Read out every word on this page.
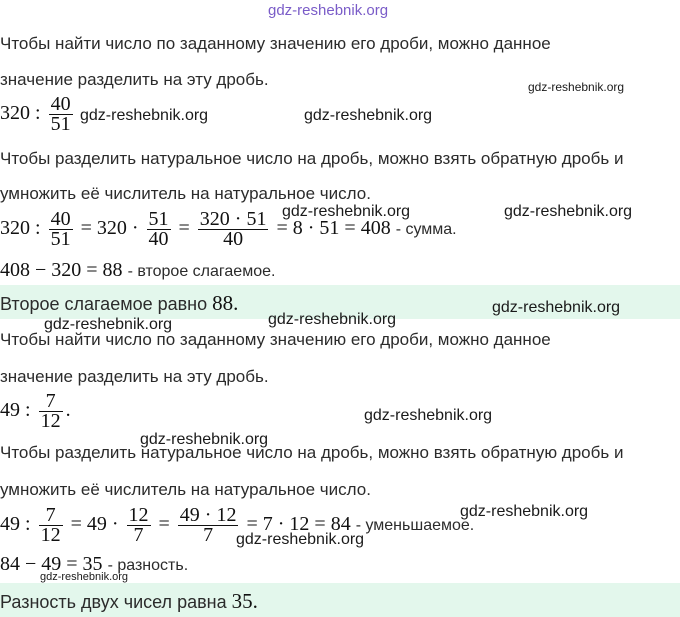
gdz-reshebnik.org
Чтобы найти число по заданному значению его дроби, можно данное
значение разделить на эту дробь.
320 : $\frac{40}{51}$
Чтобы разделить натуральное число на дробь, можно взять обратную дробь и
умножить её числитель на натуральное число.
320 : $\frac{40}{51} = 320 \cdot \frac{51}{40} = \frac{320 \cdot 51}{40} = 8 \cdot 51 = 408$ - сумма.
408 − 320 = 88 - второе слагаемое.
Второе слагаемое равно 88.
Чтобы найти число по заданному значению его дроби, можно данное
значение разделить на эту дробь.
49 : $\frac{7}{12}$ .
Чтобы разделить натуральное число на дробь, можно взять обратную дробь и
умножить её числитель на натуральное число.
49 : $\frac{7}{12} = 49 \cdot \frac{12}{7} = \frac{49 \cdot 12}{7} = 7 \cdot 12 = 84$ - уменьшаемое.
84 − 49 = 35 - разность.
Разность двух чисел равна 35.
gdz-reshebnik.org
gdz-reshebnik.org	gdz-reshebnik.org
gdz-reshebnik.org	gdz-reshebnik.org
gdz-reshebnik.org
gdz-reshebnik.org	gdz-reshebnik.org
gdz-reshebnik.org
gdz-reshebnik.org
gdz-reshebnik.org
gdz-reshebnik.org
gdz-reshebnik.org
